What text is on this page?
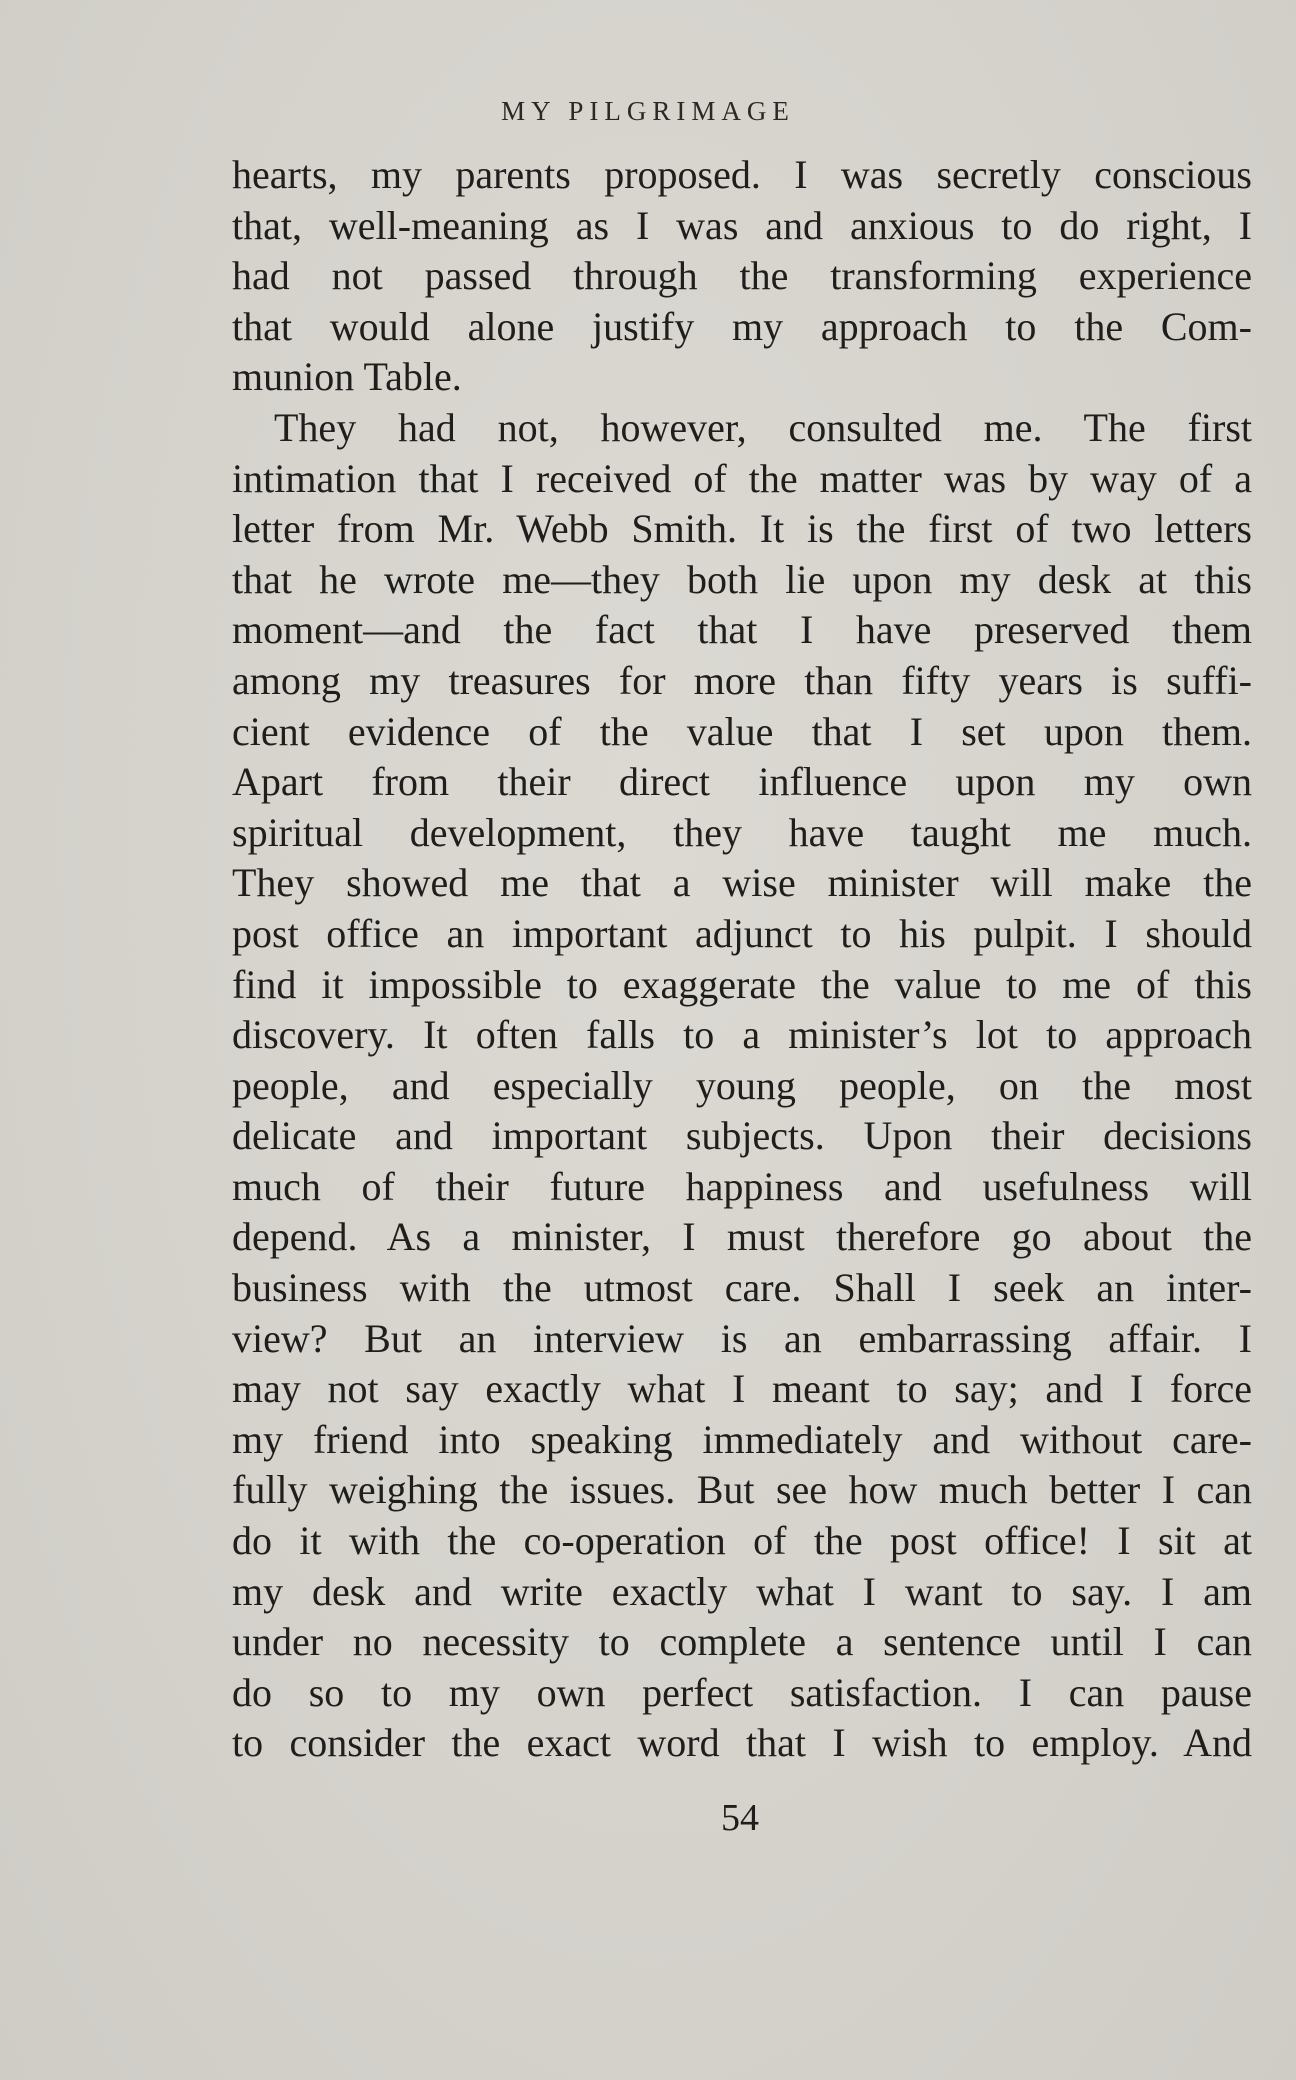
MY PILGRIMAGE
hearts, my parents proposed. I was secretly conscious
that, well-meaning as I was and anxious to do right, I
had not passed through the transforming experience
that would alone justify my approach to the Com-
munion Table.
They had not, however, consulted me. The first
intimation that I received of the matter was by way of a
letter from Mr. Webb Smith. It is the first of two letters
that he wrote me—they both lie upon my desk at this
moment—and the fact that I have preserved them
among my treasures for more than fifty years is suffi-
cient evidence of the value that I set upon them.
Apart from their direct influence upon my own
spiritual development, they have taught me much.
They showed me that a wise minister will make the
post office an important adjunct to his pulpit. I should
find it impossible to exaggerate the value to me of this
discovery. It often falls to a minister’s lot to approach
people, and especially young people, on the most
delicate and important subjects. Upon their decisions
much of their future happiness and usefulness will
depend. As a minister, I must therefore go about the
business with the utmost care. Shall I seek an inter-
view? But an interview is an embarrassing affair. I
may not say exactly what I meant to say; and I force
my friend into speaking immediately and without care-
fully weighing the issues. But see how much better I can
do it with the co-operation of the post office! I sit at
my desk and write exactly what I want to say. I am
under no necessity to complete a sentence until I can
do so to my own perfect satisfaction. I can pause
to consider the exact word that I wish to employ. And
54
